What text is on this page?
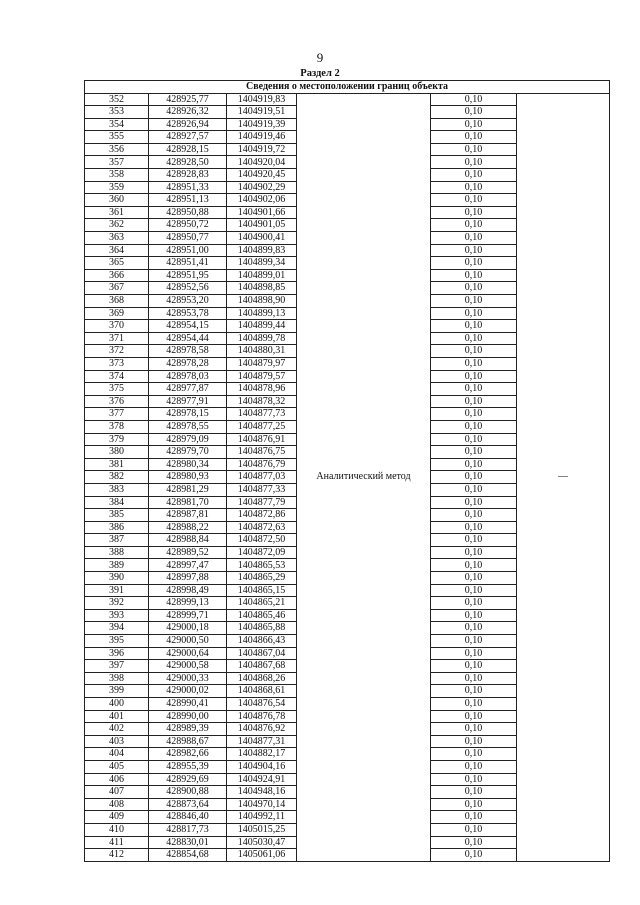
9
Раздел 2
Сведения о местоположении границ объекта					
352	428925,77	1404919,83	Аналитический метод	0,10	—
353	428926,32	1404919,51		0,10	
354	428926,94	1404919,39		0,10	
355	428927,57	1404919,46		0,10	
356	428928,15	1404919,72		0,10	
357	428928,50	1404920,04		0,10	
358	428928,83	1404920,45		0,10	
359	428951,33	1404902,29		0,10	
360	428951,13	1404902,06		0,10	
361	428950,88	1404901,66		0,10	
362	428950,72	1404901,05		0,10	
363	428950,77	1404900,41		0,10	
364	428951,00	1404899,83		0,10	
365	428951,41	1404899,34		0,10	
366	428951,95	1404899,01		0,10	
367	428952,56	1404898,85		0,10	
368	428953,20	1404898,90		0,10	
369	428953,78	1404899,13		0,10	
370	428954,15	1404899,44		0,10	
371	428954,44	1404899,78		0,10	
372	428978,58	1404880,31		0,10	
373	428978,28	1404879,97		0,10	
374	428978,03	1404879,57		0,10	
375	428977,87	1404878,96		0,10	
376	428977,91	1404878,32		0,10	
377	428978,15	1404877,73		0,10	
378	428978,55	1404877,25		0,10	
379	428979,09	1404876,91		0,10	
380	428979,70	1404876,75		0,10	
381	428980,34	1404876,79		0,10	
382	428980,93	1404877,03		0,10	
383	428981,29	1404877,33		0,10	
384	428981,70	1404877,79		0,10	
385	428987,81	1404872,86		0,10	
386	428988,22	1404872,63		0,10	
387	428988,84	1404872,50		0,10	
388	428989,52	1404872,09		0,10	
389	428997,47	1404865,53		0,10	
390	428997,88	1404865,29		0,10	
391	428998,49	1404865,15		0,10	
392	428999,13	1404865,21		0,10	
393	428999,71	1404865,46		0,10	
394	429000,18	1404865,88		0,10	
395	429000,50	1404866,43		0,10	
396	429000,64	1404867,04		0,10	
397	429000,58	1404867,68		0,10	
398	429000,33	1404868,26		0,10	
399	429000,02	1404868,61		0,10	
400	428990,41	1404876,54		0,10	
401	428990,00	1404876,78		0,10	
402	428989,39	1404876,92		0,10	
403	428988,67	1404877,31		0,10	
404	428982,66	1404882,17		0,10	
405	428955,39	1404904,16		0,10	
406	428929,69	1404924,91		0,10	
407	428900,88	1404948,16		0,10	
408	428873,64	1404970,14		0,10	
409	428846,40	1404992,11		0,10	
410	428817,73	1405015,25		0,10	
411	428830,01	1405030,47		0,10	
412	428854,68	1405061,06		0,10	
